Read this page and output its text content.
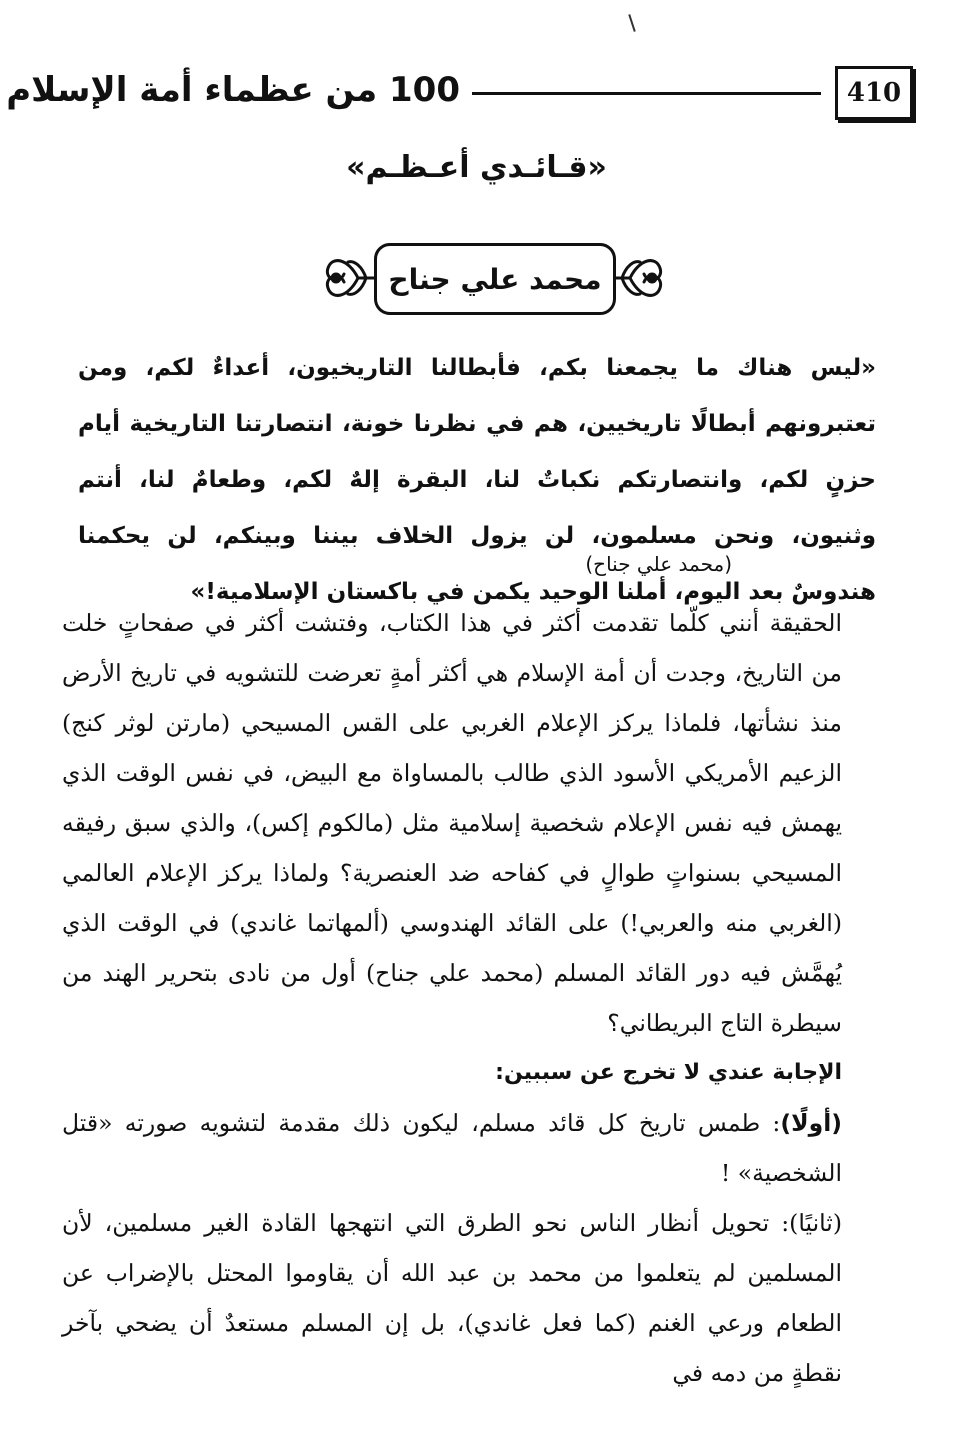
410
100 من عظماء أمة الإسلام
«قـائـدي أعـظـم»
محمد علي جناح
«ليس هناك ما يجمعنا بكم، فأبطالنا التاريخيون، أعداءٌ لكم، ومن تعتبرونهم أبطالًا تاريخيين، هم في نظرنا خونة، انتصارتنا التاريخية أيام حزنٍ لكم، وانتصارتكم نكباتٌ لنا، البقرة إلهٌ لكم، وطعامٌ لنا، أنتم وثنيون، ونحن مسلمون، لن يزول الخلاف بيننا وبينكم، لن يحكمنا هندوسٌ بعد اليوم، أملنا الوحيد يكمن في باكستان الإسلامية!»
(محمد علي جناح)

الحقيقة أنني كلّما تقدمت أكثر في هذا الكتاب، وفتشت أكثر في صفحاتٍ خلت من التاريخ، وجدت أن أمة الإسلام هي أكثر أمةٍ تعرضت للتشويه في تاريخ الأرض منذ نشأتها، فلماذا يركز الإعلام الغربي على القس المسيحي (مارتن لوثر كنج) الزعيم الأمريكي الأسود الذي طالب بالمساواة مع البيض، في نفس الوقت الذي يهمش فيه نفس الإعلام شخصية إسلامية مثل (مالكوم إكس)، والذي سبق رفيقه المسيحي بسنواتٍ طوالٍ في كفاحه ضد العنصرية؟ ولماذا يركز الإعلام العالمي (الغربي منه والعربي!) على القائد الهندوسي (ألمهاتما غاندي) في الوقت الذي يُهمَّش فيه دور القائد المسلم (محمد علي جناح) أول من نادى بتحرير الهند من سيطرة التاج البريطاني؟

الإجابة عندي لا تخرج عن سببين:

(أولًا): طمس تاريخ كل قائد مسلم، ليكون ذلك مقدمة لتشويه صورته «قتل الشخصية» !

(ثانيًا): تحويل أنظار الناس نحو الطرق التي انتهجها القادة الغير مسلمين، لأن المسلمين لم يتعلموا من محمد بن عبد الله أن يقاوموا المحتل بالإضراب عن الطعام ورعي الغنم (كما فعل غاندي)، بل إن المسلم مستعدٌ أن يضحي بآخر نقطةٍ من دمه في
